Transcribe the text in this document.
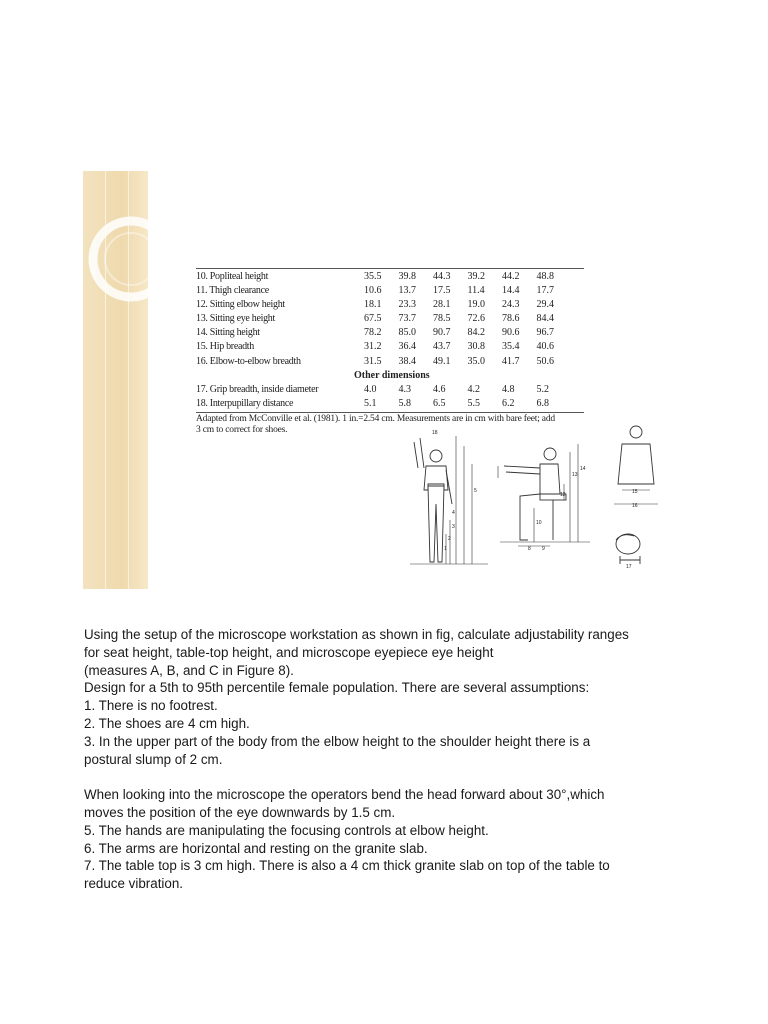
10. Popliteal height	35.5	39.8	44.3	39.2	44.2	48.8
11. Thigh clearance	10.6	13.7	17.5	11.4	14.4	17.7
12. Sitting elbow height	18.1	23.3	28.1	19.0	24.3	29.4
13. Sitting eye height	67.5	73.7	78.5	72.6	78.6	84.4
14. Sitting height	78.2	85.0	90.7	84.2	90.6	96.7
15. Hip breadth	31.2	36.4	43.7	30.8	35.4	40.6
16. Elbow-to-elbow breadth	31.5	38.4	49.1	35.0	41.7	50.6
Other dimensions
17. Grip breadth, inside diameter	4.0	4.3	4.6	4.2	4.8	5.2
18. Interpupillary distance	5.1	5.8	6.5	5.5	6.2	6.8
Adapted from McConville et al. (1981). 1 in.=2.54 cm. Measurements are in cm with bare feet; add
3 cm to correct for shoes.	18
5
4
3
2
1
14
13
12
10
9
8
15
16
17

Using the setup of the microscope workstation as shown in fig, calculate adjustability ranges

for seat height, table-top height, and microscope eyepiece eye height

(measures A, B, and C in Figure 8).

Design for a 5th to 95th percentile female population. There are several assumptions:

1. There is no footrest.

2. The shoes are 4 cm high.

3. In the upper part of the body from the elbow height to the shoulder height there is a

postural slump of 2 cm.

When looking into the microscope the operators bend the head forward about 30°,which

moves the position of the eye downwards by 1.5 cm.

5. The hands are manipulating the focusing controls at elbow height.

6. The arms are horizontal and resting on the granite slab.

7. The table top is 3 cm high. There is also a 4 cm thick granite slab on top of the table to

reduce vibration.
